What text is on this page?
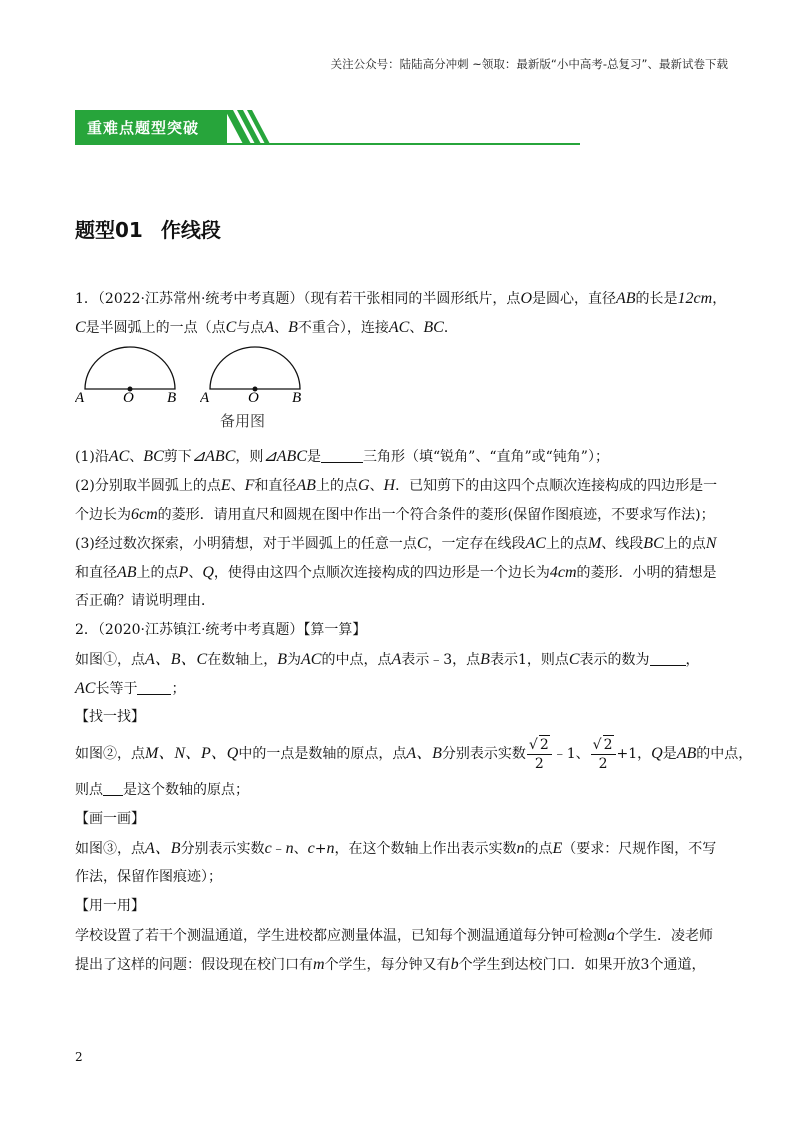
关注公众号：陆陆高分冲刺 ~领取：最新版“小中高考-总复习”、最新试卷下载
重难点题型突破
题型01 作线段
1．（2022·江苏常州·统考中考真题）（现有若干张相同的半圆形纸片，点O是圆心，直径AB的长是12cm，
C是半圆弧上的一点（点C与点A、B不重合），连接AC、BC．
A	O B A	O B
备用图
(1)沿AC、BC剪下⊿ABC，则⊿ABC是	三角形（填“锐角”、“直角”或“钝角”）；
(2)分别取半圆弧上的点E、F和直径AB上的点G、H．已知剪下的由这四个点顺次连接构成的四边形是一
个边长为6cm的菱形．请用直尺和圆规在图中作出一个符合条件的菱形(保留作图痕迹，不要求写作法)；
(3)经过数次探索，小明猜想，对于半圆弧上的任意一点C，一定存在线段AC上的点M、线段BC上的点N
和直径AB上的点P、Q，使得由这四个点顺次连接构成的四边形是一个边长为4cm的菱形．小明的猜想是
否正确？请说明理由．
2．（2020·江苏镇江·统考中考真题）【算一算】
如图①，点A、B、C在数轴上，B为AC的中点，点A表示﹣3，点B表示1，则点C表示的数为	，
AC长等于 ；
【找一找】
如图②，点M、N、P、Q中的一点是数轴的原点，点A、B分别表示实数 $\frac{√ 2}{2}$ ﹣1、 $\frac{√ 2}{2} +1$，Q是AB的中点，
则点 是这个数轴的原点；
【画一画】
如图③，点A、B分别表示实数c﹣n、c+n，在这个数轴上作出表示实数n的点E（要求：尺规作图，不写
作法，保留作图痕迹）；
【用一用】
学校设置了若干个测温通道，学生进校都应测量体温，已知每个测温通道每分钟可检测a个学生．凌老师
提出了这样的问题：假设现在校门口有m个学生，每分钟又有b个学生到达校门口．如果开放3个通道，
2
